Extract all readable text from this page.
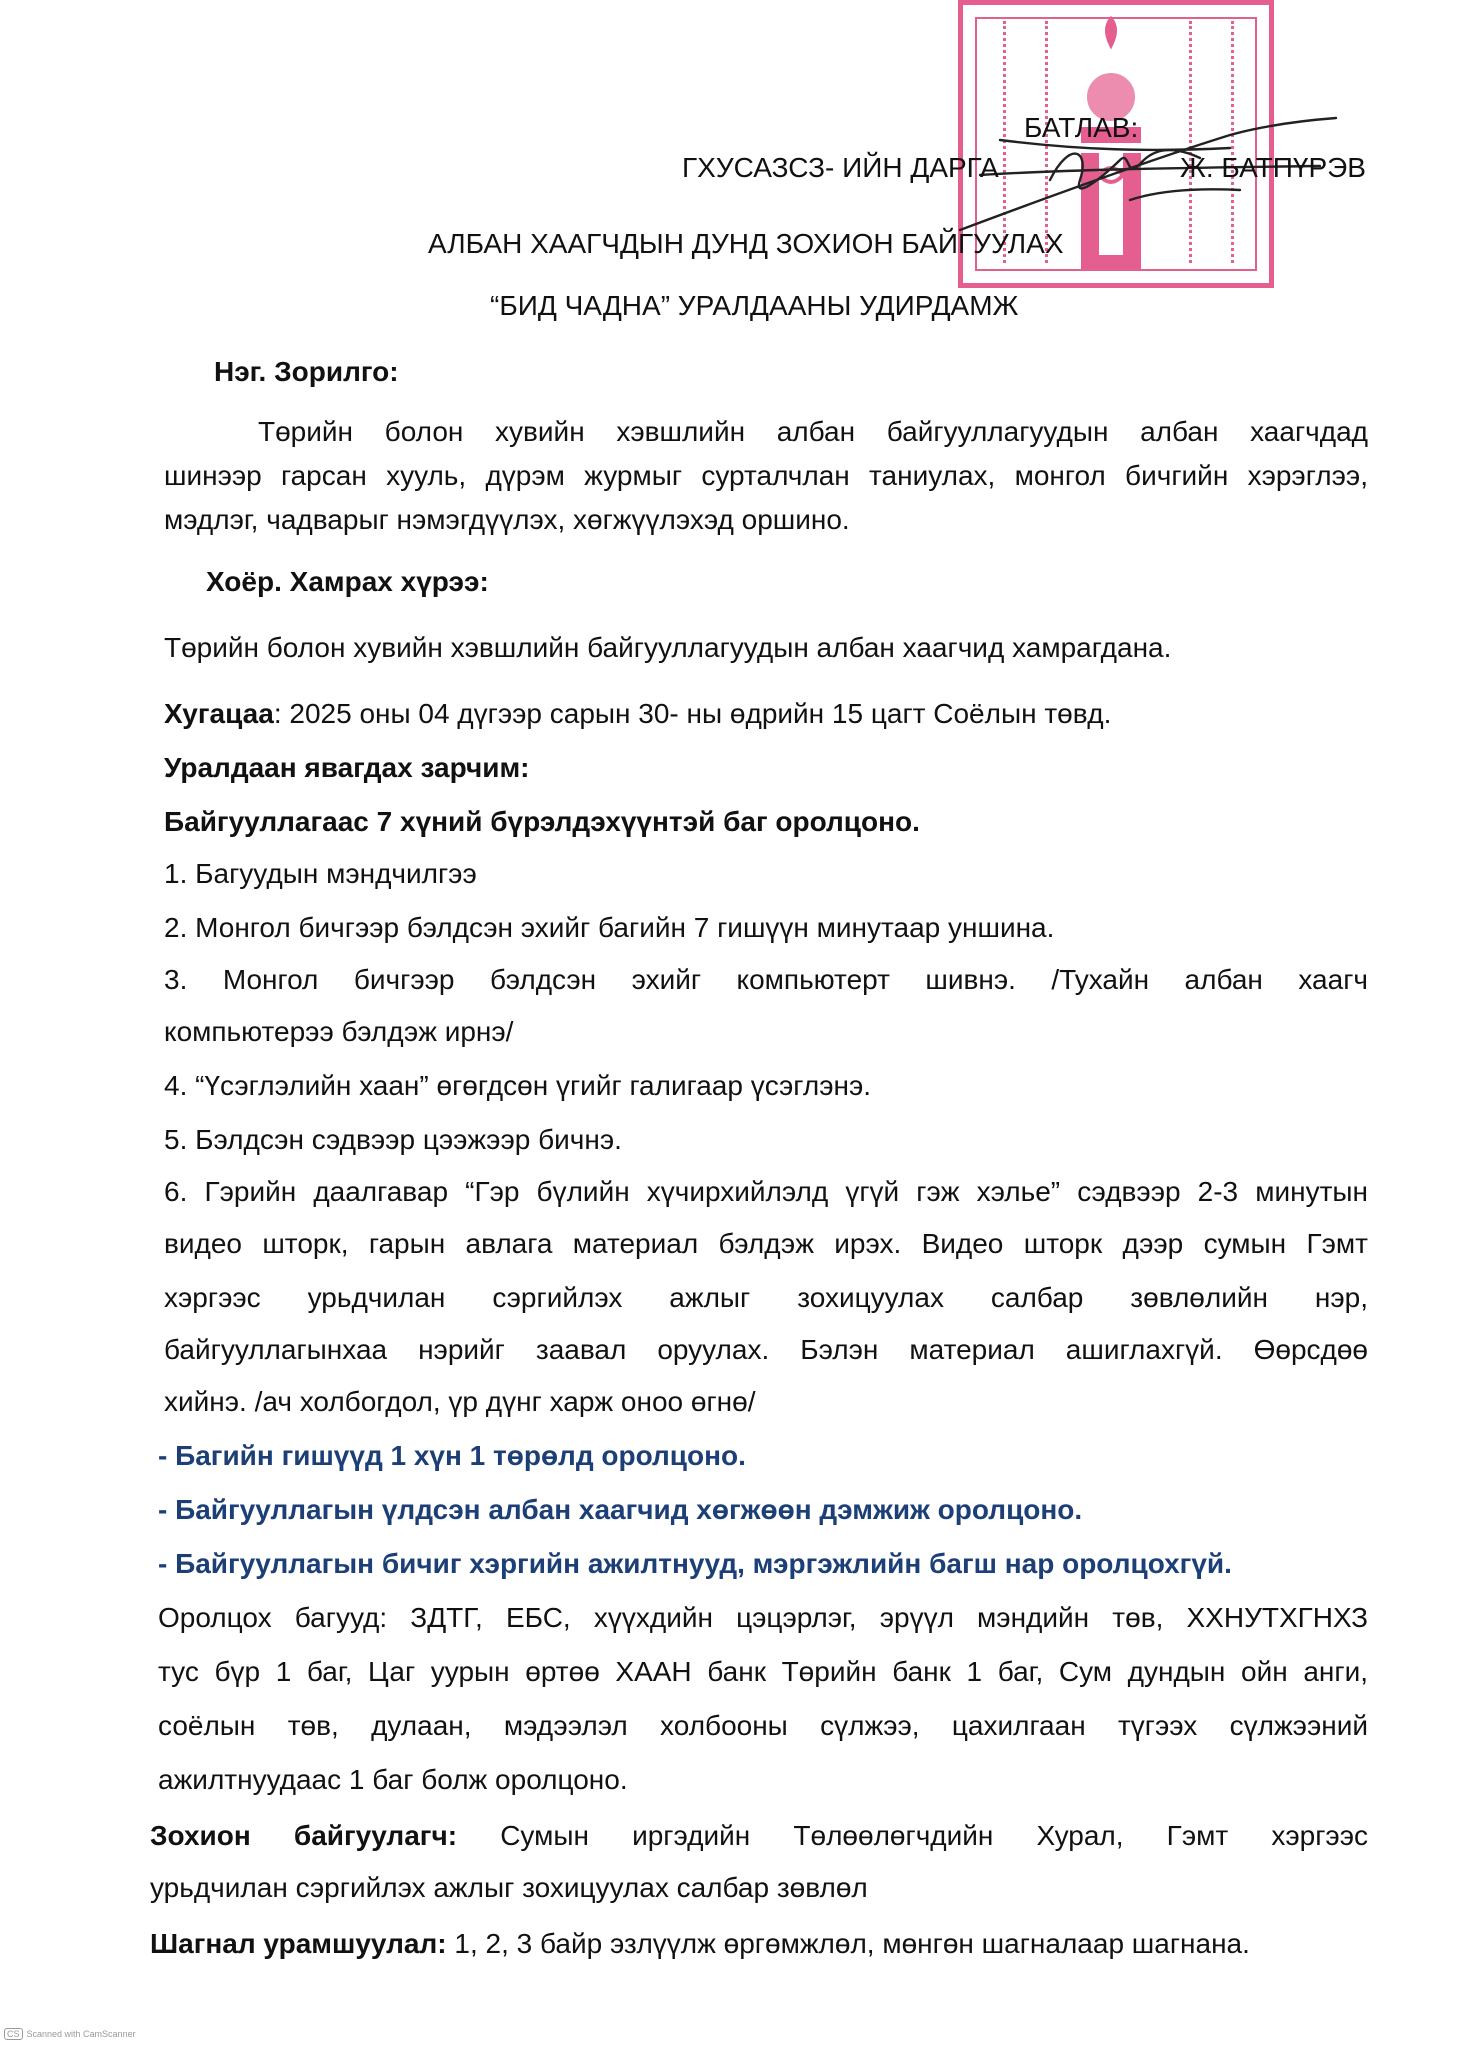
БАТЛАВ:
ГХУСАЗСЗ- ИЙН ДАРГА	Ж. БАТПҮРЭВ
АЛБАН ХААГЧДЫН ДУНД ЗОХИОН БАЙГУУЛАХ
“БИД ЧАДНА” УРАЛДААНЫ УДИРДАМЖ
Нэг. Зорилго:
Төрийн болон хувийн хэвшлийн албан байгууллагуудын албан хаагчдад
шинээр гарсан хууль, дүрэм журмыг сурталчлан таниулах, монгол бичгийн хэрэглээ,
мэдлэг, чадварыг нэмэгдүүлэх, хөгжүүлэхэд оршино.
Хоёр. Хамрах хүрээ:
Төрийн болон хувийн хэвшлийн байгууллагуудын албан хаагчид хамрагдана.
Хугацаа: 2025 оны 04 дүгээр сарын 30- ны өдрийн 15 цагт Соёлын төвд.
Уралдаан явагдах зарчим:
Байгууллагаас 7 хүний бүрэлдэхүүнтэй баг оролцоно.
1. Багуудын мэндчилгээ
2. Монгол бичгээр бэлдсэн эхийг багийн 7 гишүүн минутаар уншина.
3. Монгол бичгээр бэлдсэн эхийг компьютерт шивнэ. /Тухайн албан хаагч
компьютерээ бэлдэж ирнэ/
4. “Үсэглэлийн хаан” өгөгдсөн үгийг галигаар үсэглэнэ.
5. Бэлдсэн сэдвээр цээжээр бичнэ.
6. Гэрийн даалгавар “Гэр бүлийн хүчирхийлэлд үгүй гэж хэлье” сэдвээр 2-3 минутын
видео шторк, гарын авлага материал бэлдэж ирэх. Видео шторк дээр сумын Гэмт
хэргээс урьдчилан сэргийлэх ажлыг зохицуулах салбар зөвлөлийн нэр,
байгууллагынхаа нэрийг заавал оруулах. Бэлэн материал ашиглахгүй. Өөрсдөө
хийнэ. /ач холбогдол, үр дүнг харж оноо өгнө/
- Багийн гишүүд 1 хүн 1 төрөлд оролцоно.
- Байгууллагын үлдсэн албан хаагчид хөгжөөн дэмжиж оролцоно.
- Байгууллагын бичиг хэргийн ажилтнууд, мэргэжлийн багш нар оролцохгүй.
Оролцох багууд: ЗДТГ, ЕБС, хүүхдийн цэцэрлэг, эрүүл мэндийн төв, ХХНУТХГНХЗ
тус бүр 1 баг, Цаг уурын өртөө ХААН банк Төрийн банк 1 баг, Сум дундын ойн анги,
соёлын төв, дулаан, мэдээлэл холбооны сүлжээ, цахилгаан түгээх сүлжээний
ажилтнуудаас 1 баг болж оролцоно.
Зохион байгуулагч: Сумын иргэдийн Төлөөлөгчдийн Хурал, Гэмт хэргээс
урьдчилан сэргийлэх ажлыг зохицуулах салбар зөвлөл
Шагнал урамшуулал: 1, 2, 3 байр эзлүүлж өргөмжлөл, мөнгөн шагналаар шагнана.
CS Scanned with CamScanner
